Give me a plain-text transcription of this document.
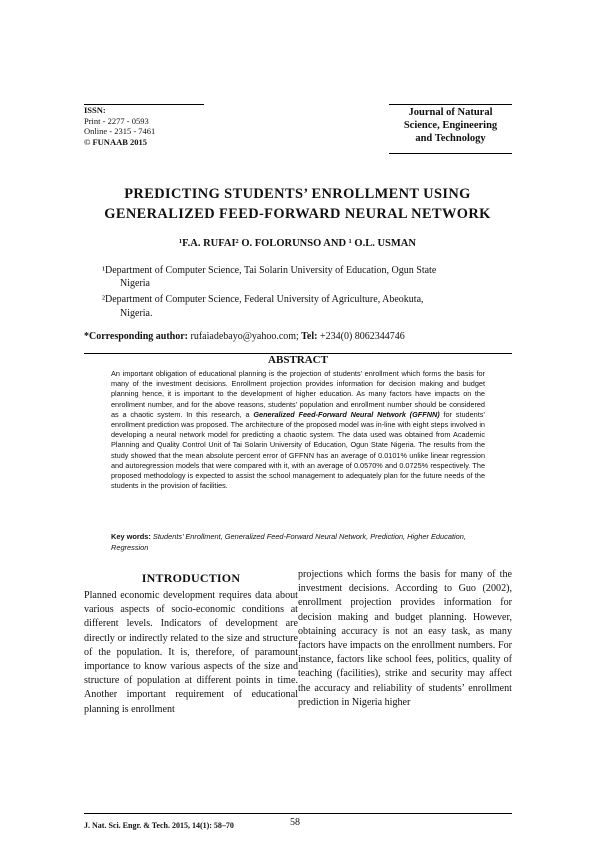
ISSN:
Print - 2277 - 0593
Online - 2315 - 7461
© FUNAAB 2015
Journal of Natural
Science, Engineering
and Technology
PREDICTING STUDENTS’ ENROLLMENT USING
GENERALIZED FEED-FORWARD NEURAL NETWORK
¹F.A. RUFAI² O. FOLORUNSO AND ¹ O.L. USMAN
¹Department of Computer Science, Tai Solarin University of Education, Ogun State
Nigeria
²Department of Computer Science, Federal University of Agriculture, Abeokuta,
Nigeria.
*Corresponding author: rufaiadebayo@yahoo.com; Tel: +234(0) 8062344746
ABSTRACT
An important obligation of educational planning is the projection of students’ enrollment which forms the basis for many of the investment decisions. Enrollment projection provides information for decision making and budget planning hence, it is important to the development of higher education. As many factors have impacts on the enrollment number, and for the above reasons, students’ population and enrollment number should be considered as a chaotic system. In this research, a Generalized Feed-Forward Neural Network (GFFNN) for students’ enrollment prediction was proposed. The architecture of the proposed model was in-line with eight steps involved in developing a neural network model for predicting a chaotic system. The data used was obtained from Academic Planning and Quality Control Unit of Tai Solarin University of Education, Ogun State Nigeria. The results from the study showed that the mean absolute percent error of GFFNN has an average of 0.0101% unlike linear regression and autoregression models that were compared with it, with an average of 0.0570% and 0.0725% respectively. The proposed methodology is expected to assist the school management to adequately plan for the future needs of the students in the provision of facilities.
Key words: Students’ Enrollment, Generalized Feed-Forward Neural Network, Prediction, Higher Education, Regression
INTRODUCTION
Planned economic development requires data about various aspects of socio-economic conditions at different levels. Indicators of development are directly or indirectly related to the size and structure of the population. It is, therefore, of paramount importance to know various aspects of the size and structure of population at different points in time. Another important requirement of educational planning is enrollment
projections which forms the basis for many of the investment decisions. According to Guo (2002), enrollment projection provides information for decision making and budget planning. However, obtaining accuracy is not an easy task, as many factors have impacts on the enrollment numbers. For instance, factors like school fees, politics, quality of teaching (facilities), strike and security may affect the accuracy and reliability of students’ enrollment prediction in Nigeria higher
J. Nat. Sci. Engr. & Tech. 2015, 14(1): 58–70	58
